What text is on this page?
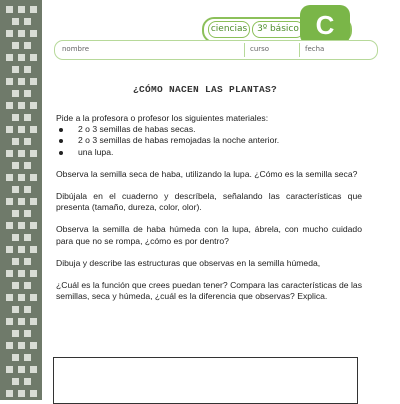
ciencias	3º básico C
nombre	curso	fecha
¿CÓMO NACEN LAS PLANTAS?

Pide a la profesora o profesor los siguientes materiales:

2 o 3 semillas de habas secas.
2 o 3 semillas de habas remojadas la noche anterior.
una lupa.

Observa la semilla seca de haba, utilizando la lupa. ¿Cómo es la semilla seca?

Dibújala en el cuaderno y descríbela, señalando las características que presenta (tamaño, dureza, color, olor).

Observa la semilla de haba húmeda con la lupa, ábrela, con mucho cuidado para que no se rompa, ¿cómo es por dentro?

Dibuja y describe las estructuras que observas en la semilla húmeda,

¿Cuál es la función que crees puedan tener? Compara las características de las semillas, seca y húmeda, ¿cuál es la diferencia que observas? Explica.
